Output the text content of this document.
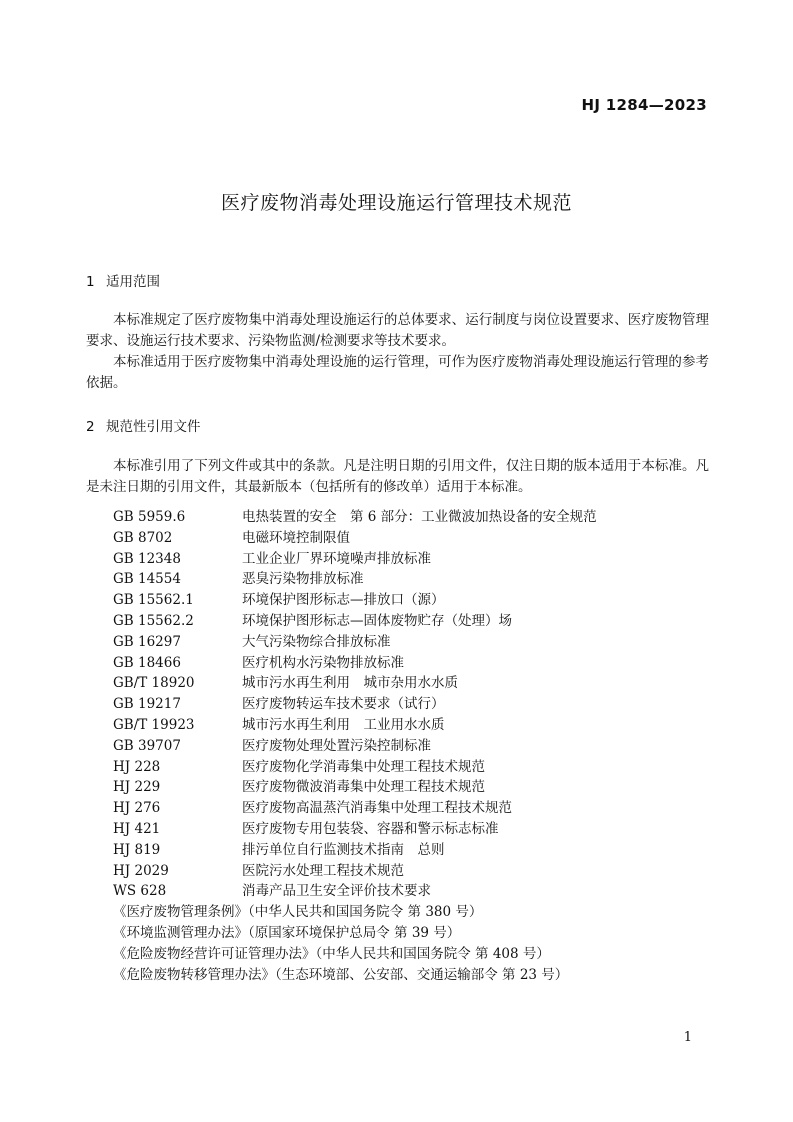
HJ 1284—2023
医疗废物消毒处理设施运行管理技术规范
1 适用范围
本标准规定了医疗废物集中消毒处理设施运行的总体要求、运行制度与岗位设置要求、医疗废物管理要求、设施运行技术要求、污染物监测/检测要求等技术要求。
本标准适用于医疗废物集中消毒处理设施的运行管理，可作为医疗废物消毒处理设施运行管理的参考依据。
2 规范性引用文件
本标准引用了下列文件或其中的条款。凡是注明日期的引用文件，仅注日期的版本适用于本标准。凡是未注日期的引用文件，其最新版本（包括所有的修改单）适用于本标准。
GB 5959.6	电热装置的安全　第 6 部分：工业微波加热设备的安全规范
GB 8702	电磁环境控制限值
GB 12348	工业企业厂界环境噪声排放标准
GB 14554	恶臭污染物排放标准
GB 15562.1	环境保护图形标志—排放口（源）
GB 15562.2	环境保护图形标志—固体废物贮存（处理）场
GB 16297	大气污染物综合排放标准
GB 18466	医疗机构水污染物排放标准
GB/T 18920	城市污水再生利用　城市杂用水水质
GB 19217	医疗废物转运车技术要求（试行）
GB/T 19923	城市污水再生利用　工业用水水质
GB 39707	医疗废物处理处置污染控制标准
HJ 228	医疗废物化学消毒集中处理工程技术规范
HJ 229	医疗废物微波消毒集中处理工程技术规范
HJ 276	医疗废物高温蒸汽消毒集中处理工程技术规范
HJ 421	医疗废物专用包装袋、容器和警示标志标准
HJ 819	排污单位自行监测技术指南　总则
HJ 2029	医院污水处理工程技术规范
WS 628	消毒产品卫生安全评价技术要求
《医疗废物管理条例》（中华人民共和国国务院令 第 380 号）
《环境监测管理办法》（原国家环境保护总局令 第 39 号）
《危险废物经营许可证管理办法》（中华人民共和国国务院令 第 408 号）
《危险废物转移管理办法》（生态环境部、公安部、交通运输部令 第 23 号）
1
